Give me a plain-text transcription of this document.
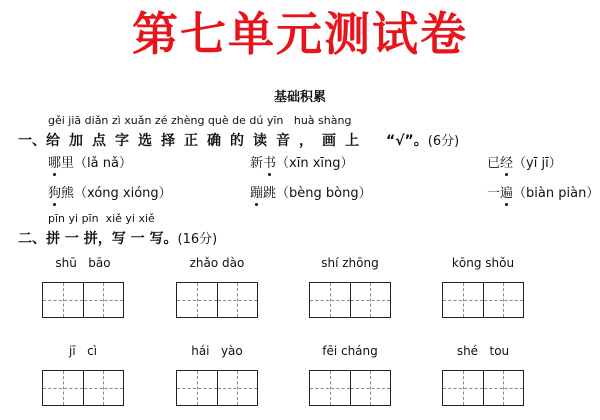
第七单元测试卷
基础积累
gěi jiā diǎn zì xuǎn zé zhèng què de dú yīn   huà shàng
一、给加点字选择正确的读音，画上 “√”。(6分)
哪里（lǎ nǎ）	新书（xīn xīng）	已经（yī jī）
狗熊（xóng xióng）	蹦跳（bèng bòng）	一遍（biàn piàn）
pīn yi pīn  xiě yi xiě
二、拼 一 拼，写 一 写。(16分)
shū   bāo	zhǎo dào	shí zhōng	kōng shǒu
jī   cì	hái   yào	fēi cháng	shé   tou
